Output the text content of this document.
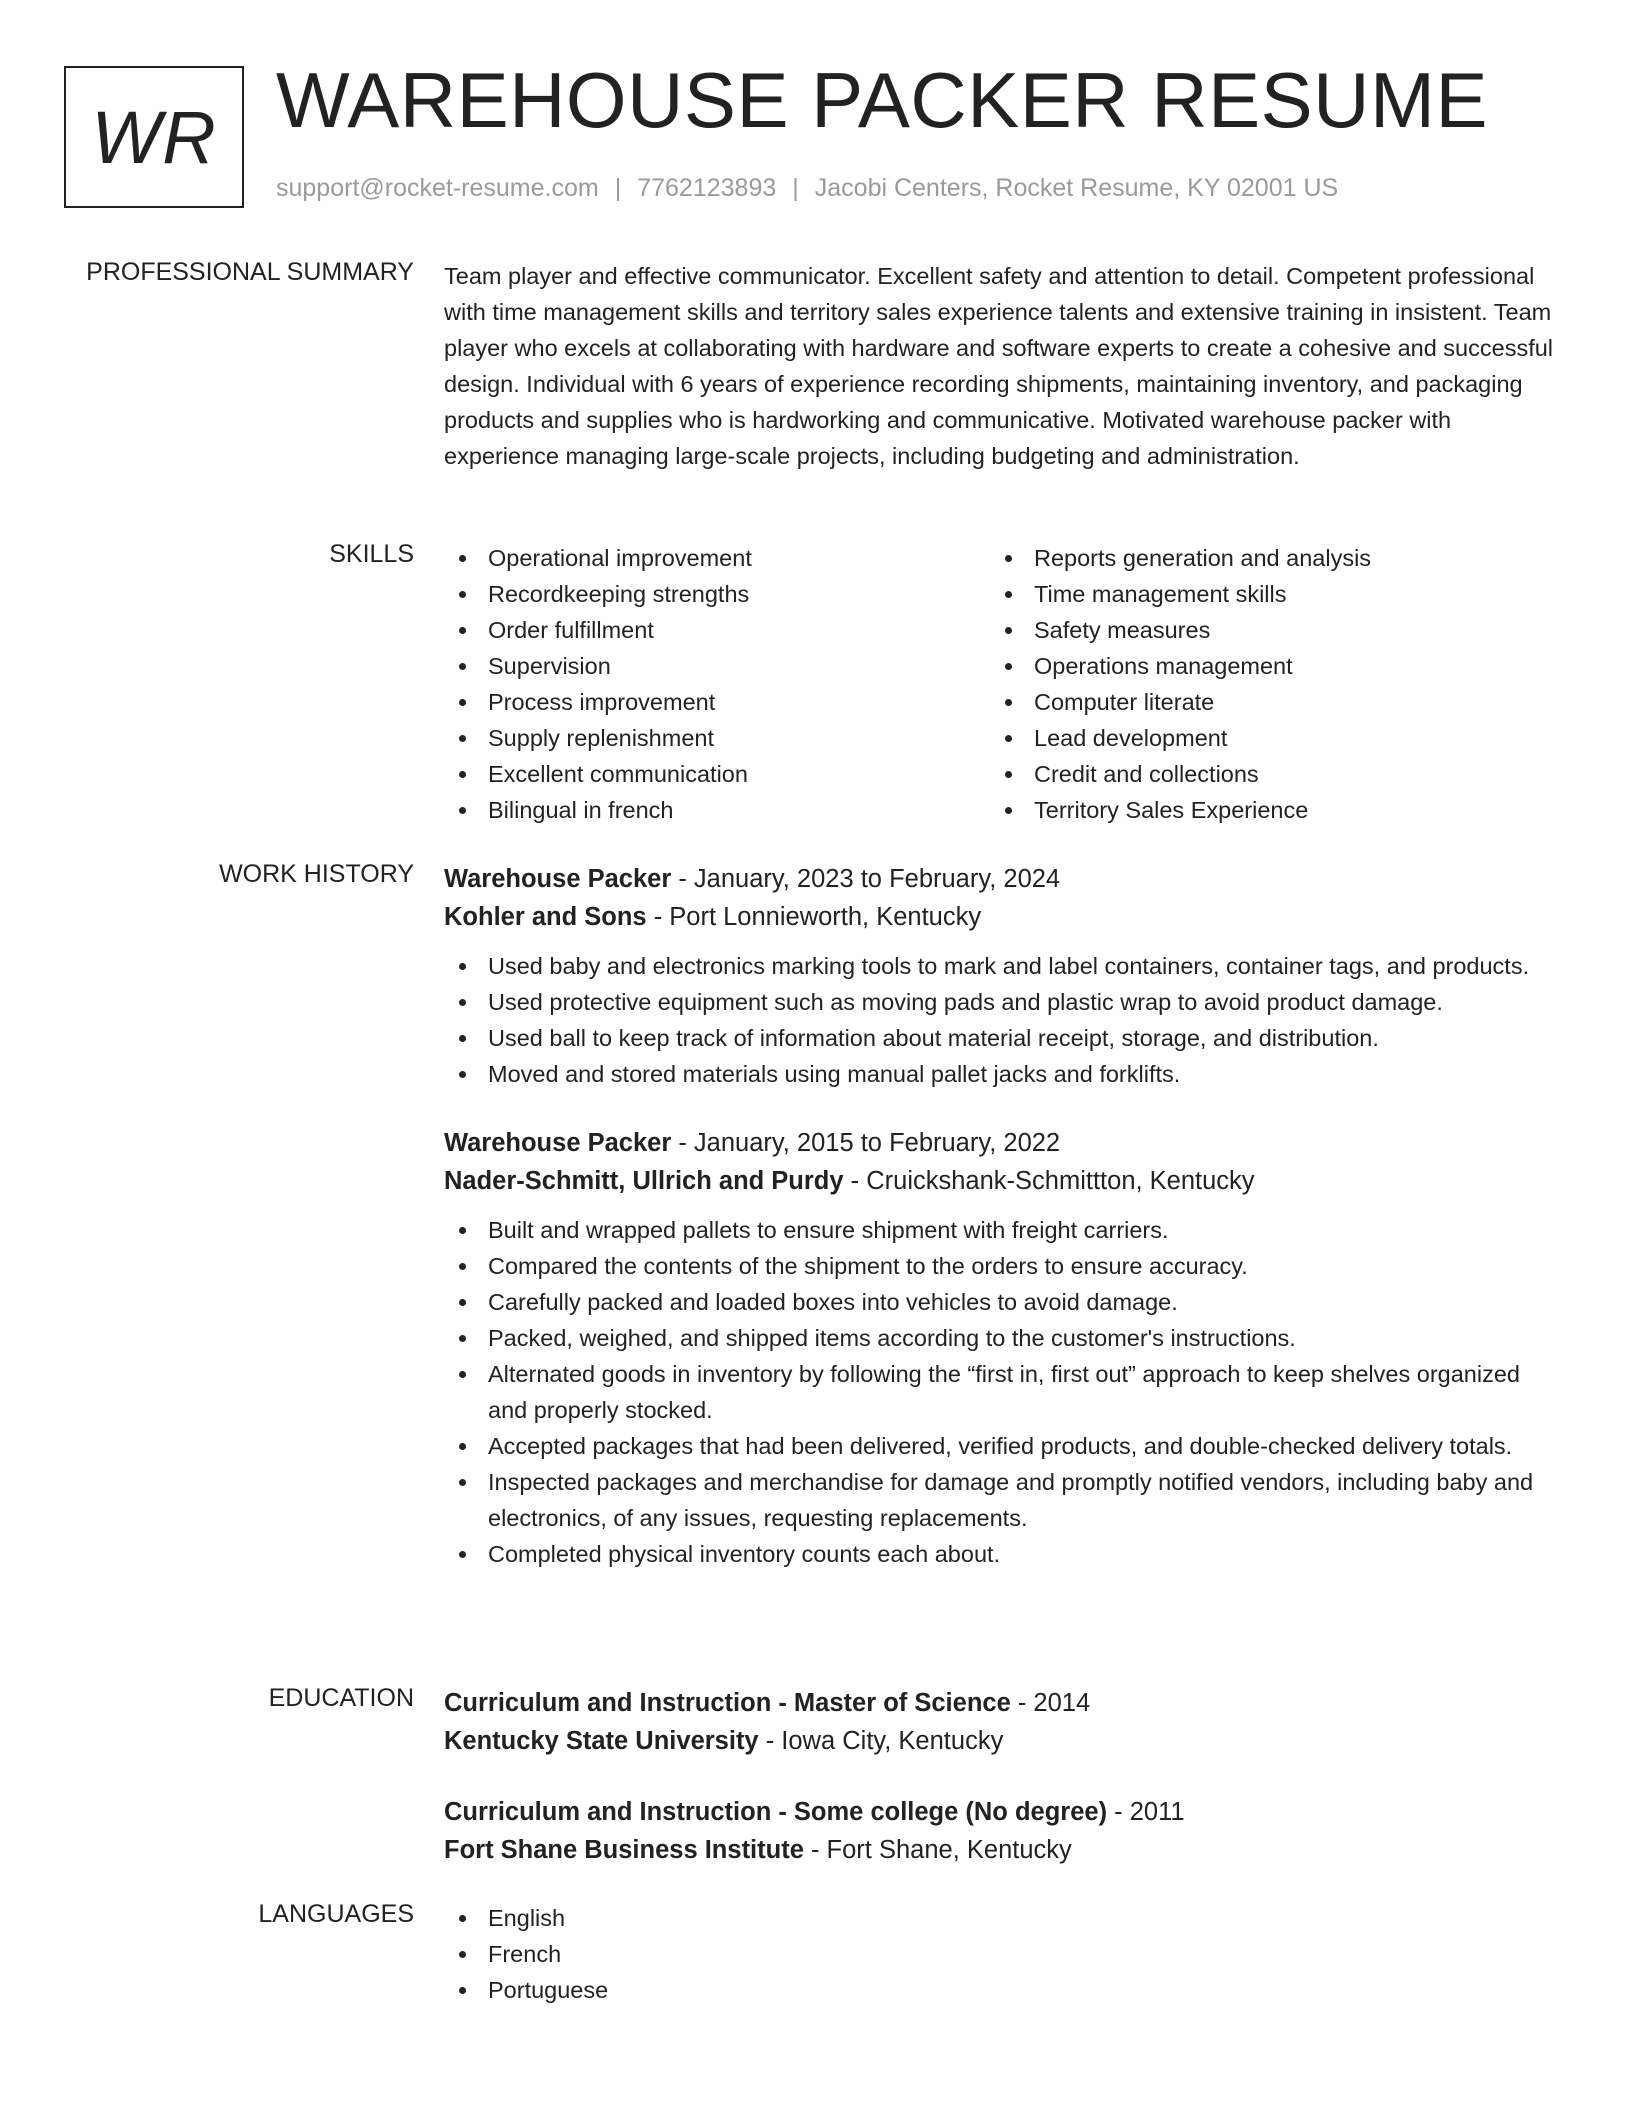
WR WAREHOUSE PACKER RESUME
support@rocket-resume.com | 7762123893 | Jacobi Centers, Rocket Resume, KY 02001 US
PROFESSIONAL SUMMARY Team player and effective communicator. Excellent safety and attention to detail. Competent professional with time management skills and territory sales experience talents and extensive training in insistent. Team player who excels at collaborating with hardware and software experts to create a cohesive and successful design. Individual with 6 years of experience recording shipments, maintaining inventory, and packaging products and supplies who is hardworking and communicative. Motivated warehouse packer with experience managing large-scale projects, including budgeting and administration.
SKILLS	Operational improvement
Recordkeeping strengths
Order fulfillment
Supervision
Process improvement
Supply replenishment
Excellent communication
Bilingual in french
Reports generation and analysis
Time management skills
Safety measures
Operations management
Computer literate
Lead development
Credit and collections
Territory Sales Experience
WORK HISTORY Warehouse Packer - January, 2023 to February, 2024
Kohler and Sons - Port Lonnieworth, Kentucky
Used baby and electronics marking tools to mark and label containers, container tags, and products.
Used protective equipment such as moving pads and plastic wrap to avoid product damage.
Used ball to keep track of information about material receipt, storage, and distribution.
Moved and stored materials using manual pallet jacks and forklifts.
Warehouse Packer - January, 2015 to February, 2022
Nader-Schmitt, Ullrich and Purdy - Cruickshank-Schmittton, Kentucky
Built and wrapped pallets to ensure shipment with freight carriers.
Compared the contents of the shipment to the orders to ensure accuracy.
Carefully packed and loaded boxes into vehicles to avoid damage.
Packed, weighed, and shipped items according to the customer's instructions.
Alternated goods in inventory by following the “first in, first out” approach to keep shelves organized and properly stocked.
Accepted packages that had been delivered, verified products, and double-checked delivery totals.
Inspected packages and merchandise for damage and promptly notified vendors, including baby and electronics, of any issues, requesting replacements.
Completed physical inventory counts each about.
EDUCATION Curriculum and Instruction - Master of Science - 2014
Kentucky State University - Iowa City, Kentucky
Curriculum and Instruction - Some college (No degree) - 2011
Fort Shane Business Institute - Fort Shane, Kentucky
LANGUAGES	English
French
Portuguese
